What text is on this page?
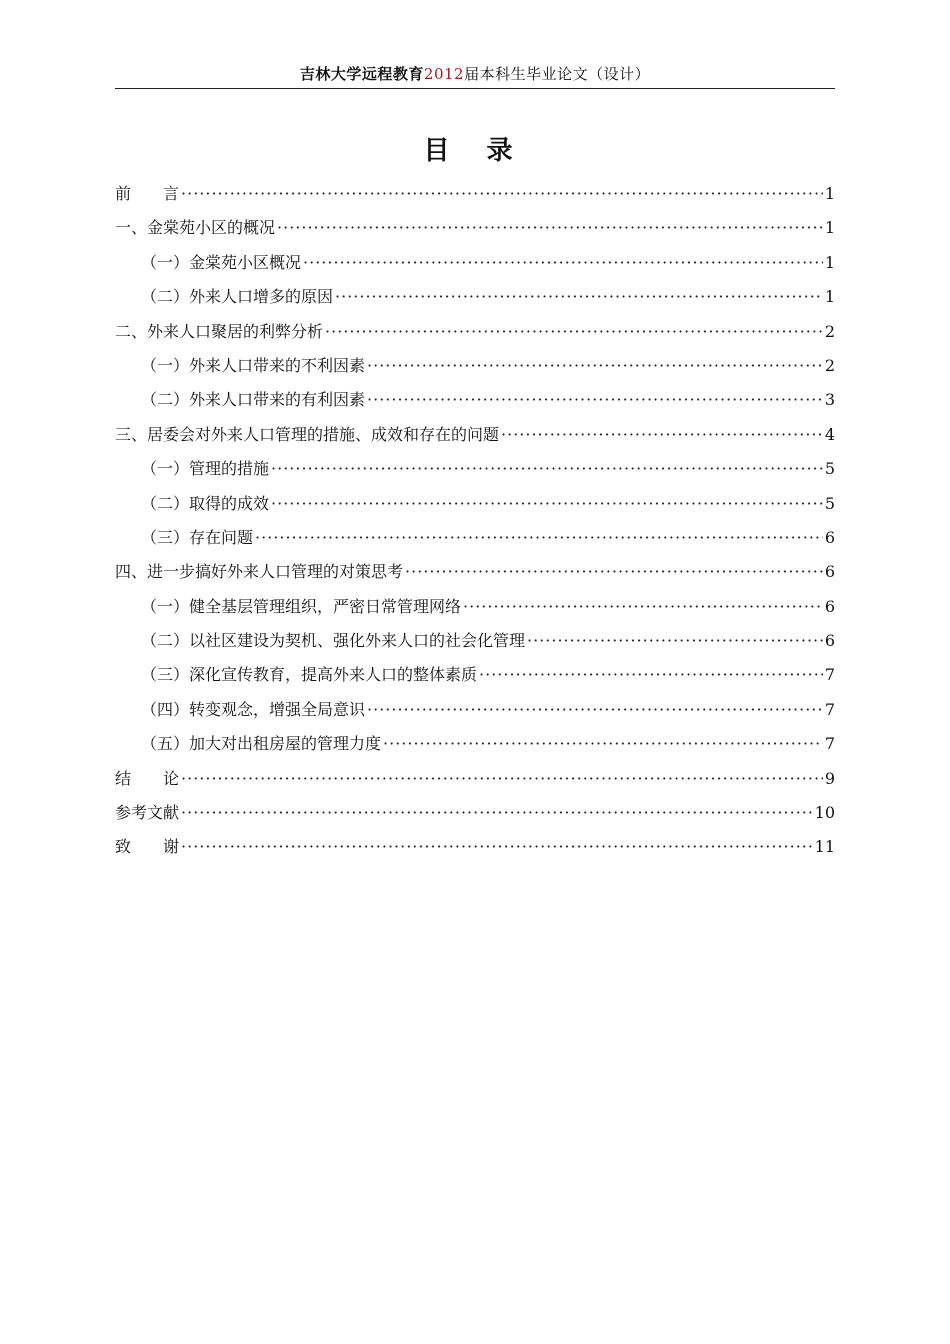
吉林大学远程教育2012届本科生毕业论文（设计）
目 录
前　　言 ·····	1
一、金棠苑小区的概况 ·····	1
（一）金棠苑小区概况 ·····	1
（二）外来人口增多的原因 ·····	1
二、外来人口聚居的利弊分析 ·····	2
（一）外来人口带来的不利因素 ·····	2
（二）外来人口带来的有利因素 ·····	3
三、居委会对外来人口管理的措施、成效和存在的问题 ·····	4
（一）管理的措施 ·····	5
（二）取得的成效 ·····	5
（三）存在问题 ·····	6
四、进一步搞好外来人口管理的对策思考 ·····	6
（一）健全基层管理组织，严密日常管理网络 ·····	6
（二）以社区建设为契机、强化外来人口的社会化管理 ·····	6
（三）深化宣传教育，提高外来人口的整体素质 ·····	7
（四）转变观念，增强全局意识 ·····	7
（五）加大对出租房屋的管理力度 ·····	7
结　　论 ·····	9
参考文献 ·····	10
致　　谢 ·····	11
